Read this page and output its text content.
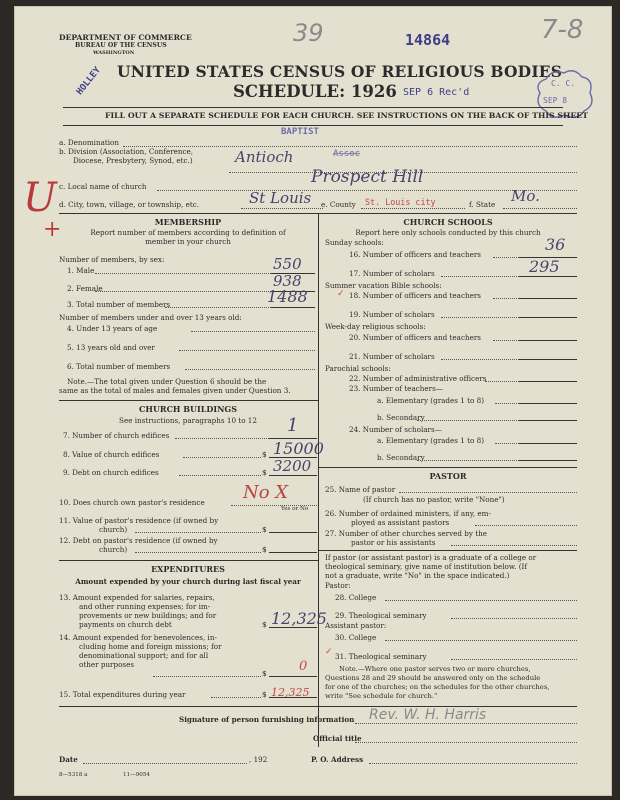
DEPARTMENT OF COMMERCE
BUREAU OF THE CENSUS
WASHINGTON
39	14864	7-8
HOLLEY UNITED STATES CENSUS OF RELIGIOUS BODIES
SCHEDULE: 1926 SEP 6 Rec'd
C. C.
SEP 8
FILL OUT A SEPARATE SCHEDULE FOR EACH CHURCH. SEE INSTRUCTIONS ON THE BACK OF THIS SHEET
BAPTIST
a. Denomination
b. Division (Association, Conference,
Diocese, Presbytery, Synod, etc.)	Antioch	Assoc
c. Local name of church	Prospect Hill
d. City, town, village, or township, etc.	St Louis e. County St. Louis city	f. State Mo.
U
+	MEMBERSHIP
Report number of members according to definition of
member in your church
Number of members, by sex:
1. Male	550
2. Female	938
3. Total number of members	1488
Number of members under and over 13 years old:
4. Under 13 years of age
5. 13 years old and over
6. Total number of members
Note.—The total given under Question 6 should be the
same as the total of males and females given under Question 3.
CHURCH BUILDINGS
See instructions, paragraphs 10 to 12
7. Number of church edifices	1
8. Value of church edifices	$ 15000
9. Debt on church edifices	$ 3200
10. Does church own pastor's residence No X
Yes or No
11. Value of pastor's residence (if owned by
church)	$
12. Debt on pastor's residence (if owned by
church)	$
EXPENDITURES
Amount expended by your church during last fiscal year
13. Amount expended for salaries, repairs,
and other running expenses; for im-
provements or new buildings; and for
payments on church debt	$ 12,325
14. Amount expended for benevolences, in-
cluding home and foreign missions; for
denominational support; and for all
other purposes
$ 0
15. Total expenditures during year	$ 12,325
CHURCH SCHOOLS
Report here only schools conducted by this church
Sunday schools:
16. Number of officers and teachers
36
17. Number of scholars	295
Summer vacation Bible schools:
✓ 18. Number of officers and teachers
19. Number of scholars
Week-day religious schools:
20. Number of officers and teachers
21. Number of scholars
Parochial schools:
22. Number of administrative officers
23. Number of teachers—
a. Elementary (grades 1 to 8)
b. Secondary
24. Number of scholars—
a. Elementary (grades 1 to 8)
b. Secondary
PASTOR
25. Name of pastor
(If church has no pastor, write "None")
26. Number of ordained ministers, if any, em-
ployed as assistant pastors
27. Number of other churches served by the
pastor or his assistants
If pastor (or assistant pastor) is a graduate of a college or
theological seminary, give name of institution below. (If
not a graduate, write "No" in the space indicated.)
Pastor:
28. College
29. Theological seminary
Assistant pastor:
30. College
✓ 31. Theological seminary
Note.—Where one pastor serves two or more churches,
Questions 28 and 29 should be answered only on the schedule
for one of the churches; on the schedules for the other churches,
write "See schedule for church."
Signature of person furnishing information Rev. W. H. Harris
Official title
Date	, 192	P. O. Address
8—5318 a	11—9054
